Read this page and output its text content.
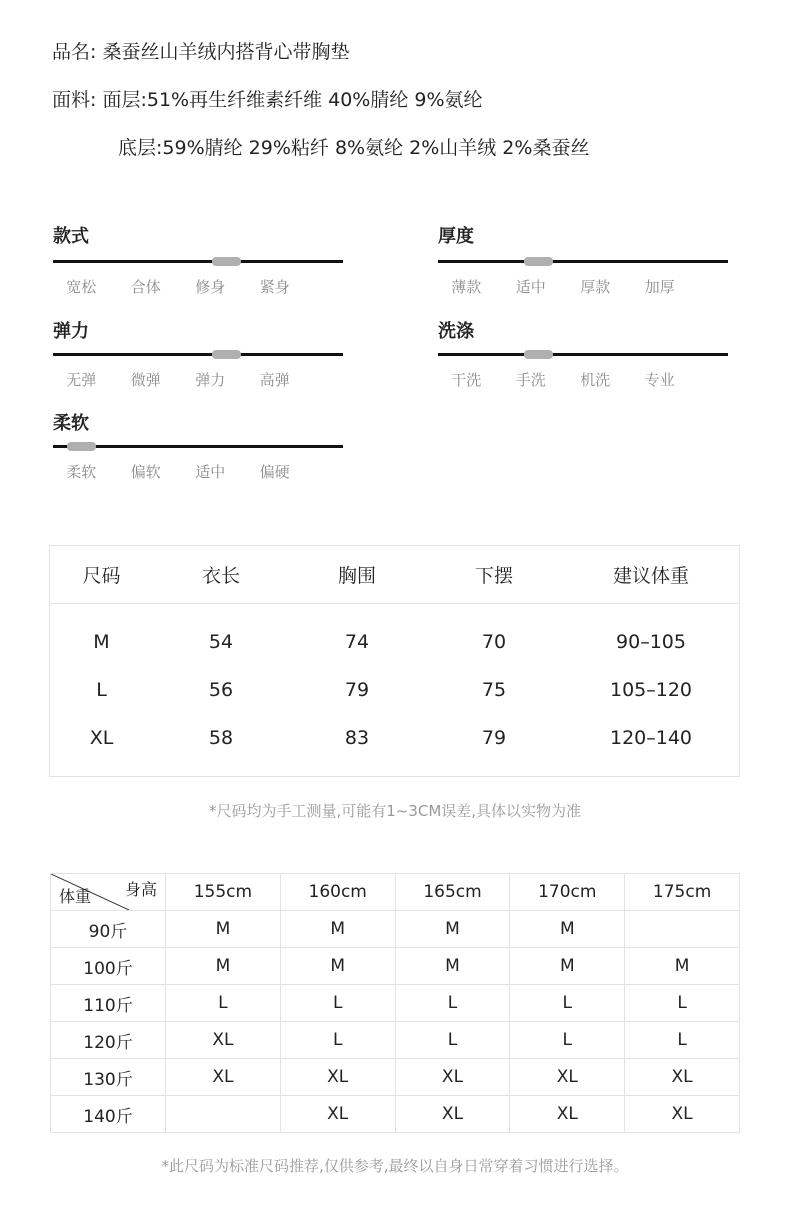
品名: 桑蚕丝山羊绒内搭背心带胸垫
面料: 面层:51%再生纤维素纤维 40%腈纶 9%氨纶
底层:59%腈纶 29%粘纤 8%氨纶 2%山羊绒 2%桑蚕丝
款式
宽松	合体	修身	紧身
厚度
薄款	适中	厚款	加厚
弹力
无弹	微弹	弹力	高弹
洗涤
干洗	手洗	机洗	专业
柔软
柔软	偏软	适中	偏硬
尺码	衣长	胸围	下摆	建议体重
M	54	74	70	90–105
L	56	79	75	105–120
XL	58	83	79	120–140
*尺码均为手工测量,可能有1~3CM误差,具体以实物为准
体重 身高	155cm	160cm	165cm	170cm	175cm
90斤	M	M	M	M	
100斤	M	M	M	M	M
110斤	L	L	L	L	L
120斤	XL	L	L	L	L
130斤	XL	XL	XL	XL	XL
140斤		XL	XL	XL	XL
*此尺码为标准尺码推荐,仅供参考,最终以自身日常穿着习惯进行选择。
